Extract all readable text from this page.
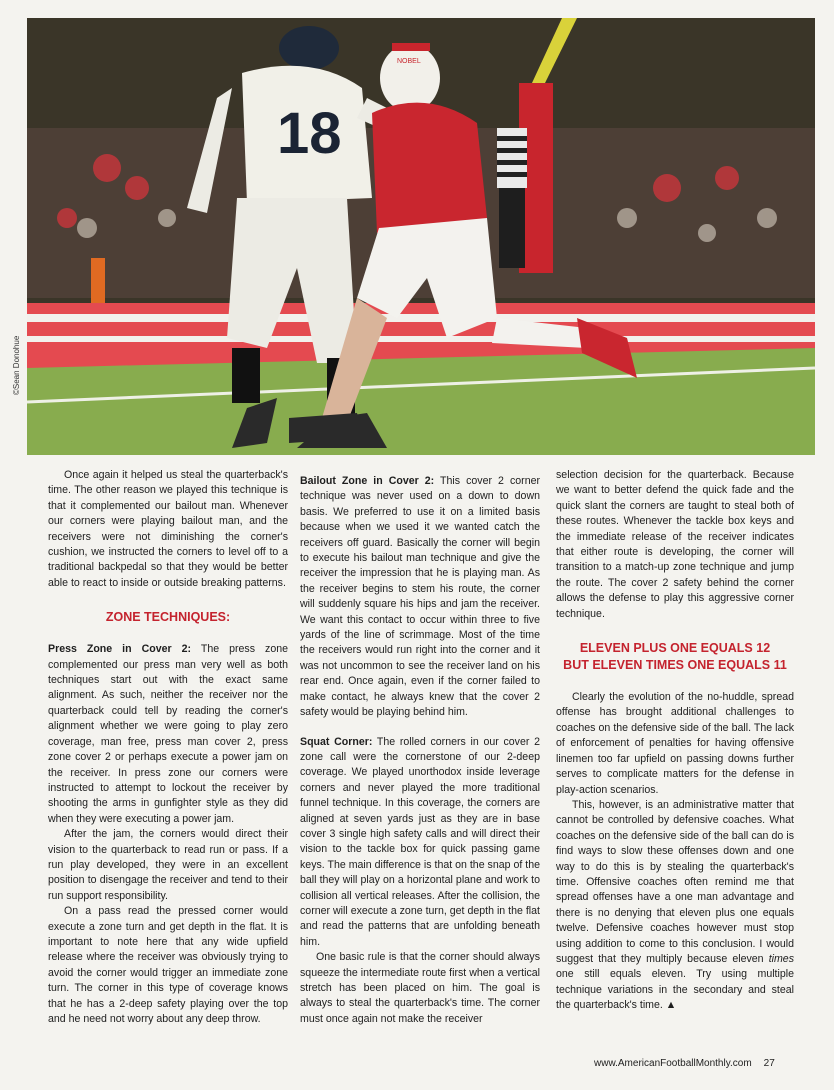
18
NOBEL
©Sean Donohue

Once again it helped us steal the quarterback's time. The other reason we played this technique is that it complemented our bailout man. Whenever our corners were playing bailout man, and the receivers were not diminishing the corner's cushion, we instructed the corners to level off to a traditional backpedal so that they would be better able to react to inside or outside breaking patterns.

ZONE TECHNIQUES:

Press Zone in Cover 2: The press zone complemented our press man very well as both techniques start out with the exact same alignment. As such, neither the receiver nor the quarterback could tell by reading the corner's alignment whether we were going to play zero coverage, man free, press man cover 2, press zone cover 2 or perhaps execute a power jam on the receiver. In press zone our corners were instructed to attempt to lockout the receiver by shooting the arms in gunfighter style as they did when they were executing a power jam.

After the jam, the corners would direct their vision to the quarterback to read run or pass. If a run play developed, they were in an excellent position to disengage the receiver and tend to their run support responsibility.

On a pass read the pressed corner would execute a zone turn and get depth in the flat. It is important to note here that any wide upfield release where the receiver was obviously trying to avoid the corner would trigger an immediate zone turn. The corner in this type of coverage knows that he has a 2-deep safety playing over the top and he need not worry about any deep throw.

Bailout Zone in Cover 2: This cover 2 corner technique was never used on a down to down basis. We preferred to use it on a limited basis because when we used it we wanted catch the receivers off guard. Basically the corner will begin to execute his bailout man technique and give the receiver the impression that he is playing man. As the receiver begins to stem his route, the corner will suddenly square his hips and jam the receiver. We want this contact to occur within three to five yards of the line of scrimmage. Most of the time the receivers would run right into the corner and it was not uncommon to see the receiver land on his rear end. Once again, even if the corner failed to make contact, he always knew that the cover 2 safety would be playing behind him.

Squat Corner: The rolled corners in our cover 2 zone call were the cornerstone of our 2-deep coverage. We played unorthodox inside leverage corners and never played the more traditional funnel technique. In this coverage, the corners are aligned at seven yards just as they are in base cover 3 single high safety calls and will direct their vision to the tackle box for quick passing game keys. The main difference is that on the snap of the ball they will play on a horizontal plane and work to collision all vertical releases. After the collision, the corner will execute a zone turn, get depth in the flat and read the patterns that are unfolding beneath him.

One basic rule is that the corner should always squeeze the intermediate route first when a vertical stretch has been placed on him. The goal is always to steal the quarterback's time. The corner must once again not make the receiver

selection decision for the quarterback. Because we want to better defend the quick fade and the quick slant the corners are taught to steal both of these routes. Whenever the tackle box keys and the immediate release of the receiver indicates that either route is developing, the corner will transition to a match-up zone technique and jump the route. The cover 2 safety behind the corner allows the defense to play this aggressive corner technique.

ELEVEN PLUS ONE EQUALS 12
BUT ELEVEN TIMES ONE EQUALS 11

Clearly the evolution of the no-huddle, spread offense has brought additional challenges to coaches on the defensive side of the ball. The lack of enforcement of penalties for having offensive linemen too far upfield on passing downs further serves to complicate matters for the defense in play-action scenarios.

This, however, is an administrative matter that cannot be controlled by defensive coaches. What coaches on the defensive side of the ball can do is find ways to slow these offenses down and one way to do this is by stealing the quarterback's time. Offensive coaches often remind me that spread offenses have a one man advantage and there is no denying that eleven plus one equals twelve. Defensive coaches however must stop using addition to come to this conclusion. I would suggest that they multiply because eleven times one still equals eleven. Try using multiple technique variations in the secondary and steal the quarterback's time. ▲

www.AmericanFootballMonthly.com 27
